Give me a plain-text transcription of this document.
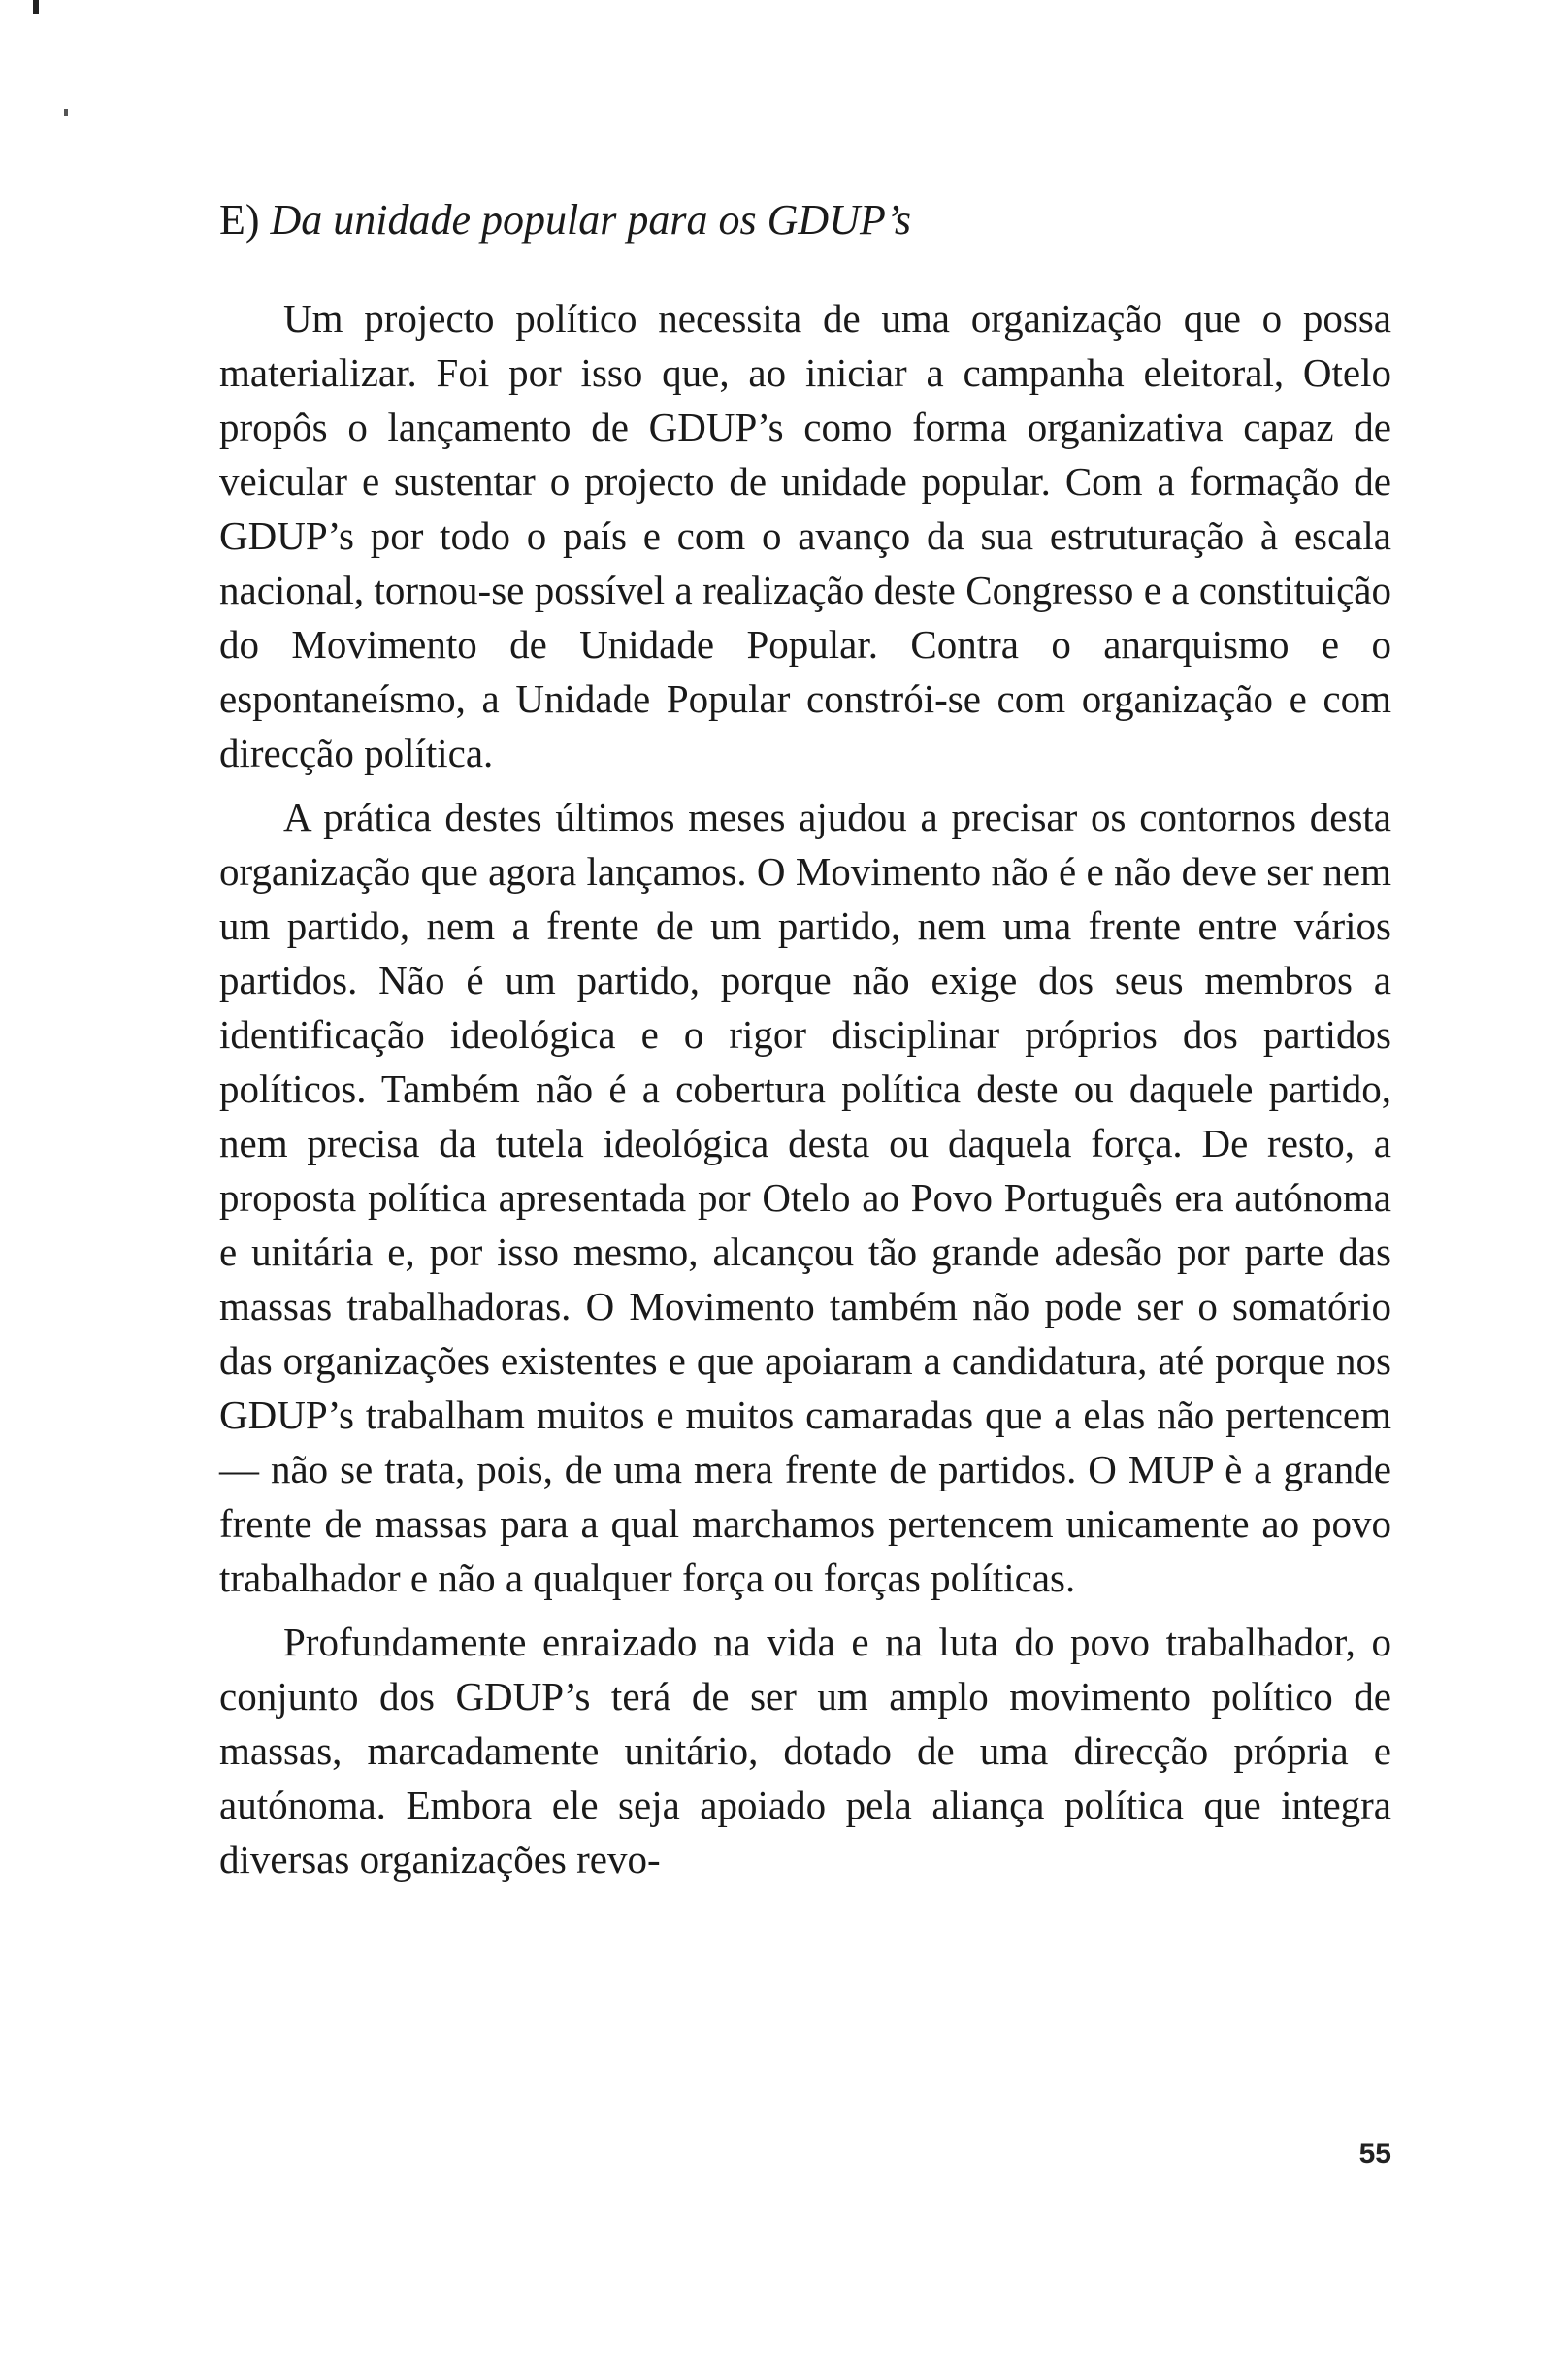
E) Da unidade popular para os GDUP’s

Um projecto político necessita de uma organização que o possa materializar. Foi por isso que, ao iniciar a campanha eleitoral, Otelo propôs o lançamento de GDUP’s como forma organizativa capaz de veicular e sustentar o projecto de unidade popular. Com a formação de GDUP’s por todo o país e com o avanço da sua estruturação à escala nacional, tornou-se possível a realização deste Congresso e a constituição do Movimento de Unidade Popular. Contra o anarquismo e o espontaneísmo, a Unidade Popular constrói-se com organização e com direcção política.

A prática destes últimos meses ajudou a precisar os contornos desta organização que agora lançamos. O Movimento não é e não deve ser nem um partido, nem a frente de um partido, nem uma frente entre vários partidos. Não é um partido, porque não exige dos seus membros a identificação ideológica e o rigor disciplinar próprios dos partidos políticos. Também não é a cobertura política deste ou daquele partido, nem precisa da tutela ideológica desta ou daquela força. De resto, a proposta política apresentada por Otelo ao Povo Português era autónoma e unitária e, por isso mesmo, alcançou tão grande adesão por parte das massas trabalhadoras. O Movimento também não pode ser o somatório das organizações existentes e que apoiaram a candidatura, até porque nos GDUP’s trabalham muitos e muitos camaradas que a elas não pertencem — não se trata, pois, de uma mera frente de partidos. O MUP è a grande frente de massas para a qual marchamos pertencem unicamente ao povo trabalhador e não a qualquer força ou forças políticas.

Profundamente enraizado na vida e na luta do povo trabalhador, o conjunto dos GDUP’s terá de ser um amplo movimento político de massas, marcadamente unitário, dotado de uma direcção própria e autónoma. Embora ele seja apoiado pela aliança política que integra diversas organizações revo-

55
